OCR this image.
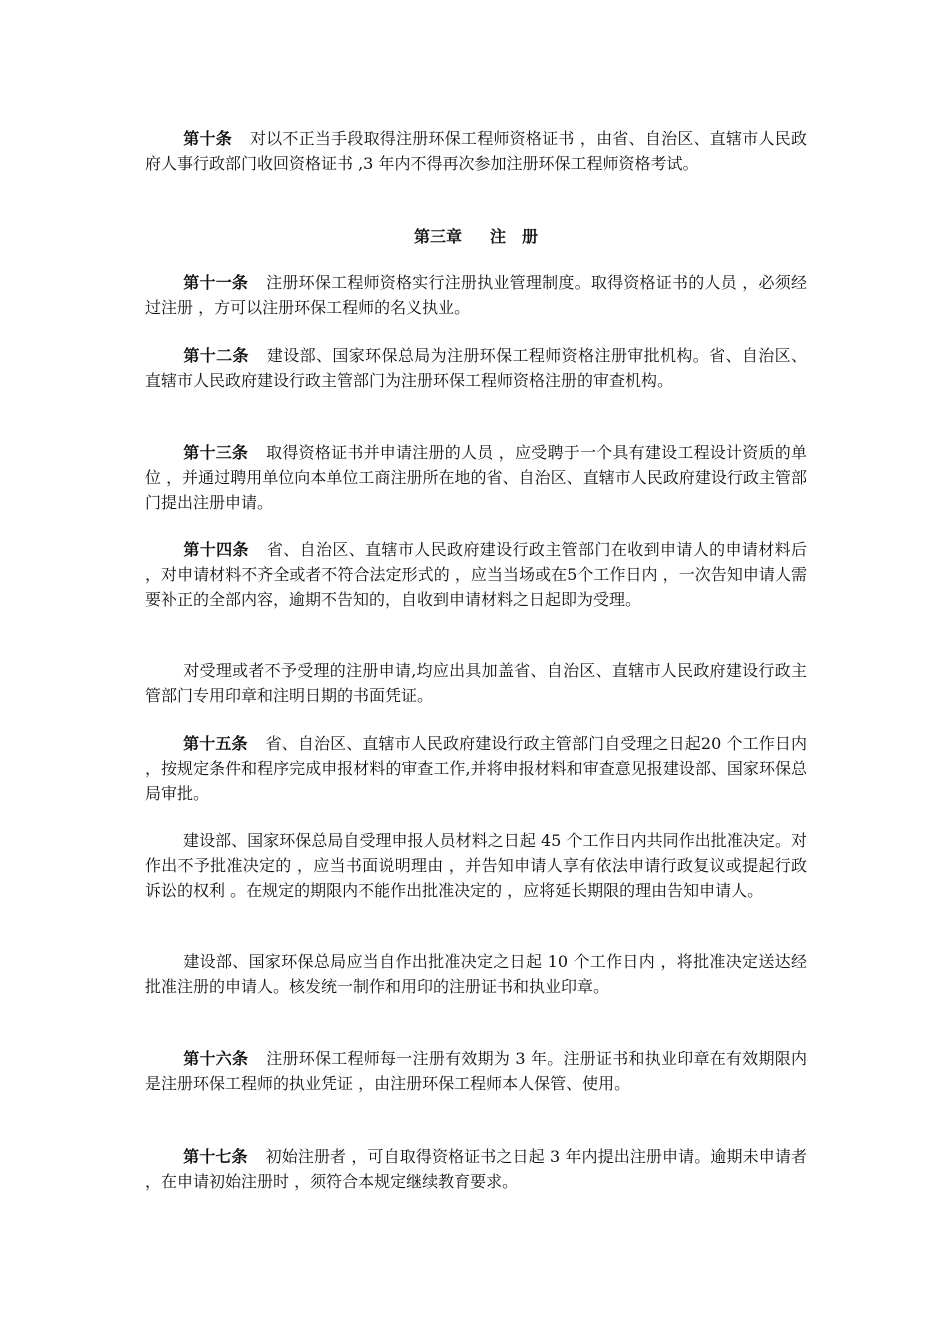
第十条 对以不正当手段取得注册环保工程师资格证书 ，由省、自治区、直辖市人民政府人事行政部门收回资格证书 ,3 年内不得再次参加注册环保工程师资格考试。

第三章 注　册

第十一条 注册环保工程师资格实行注册执业管理制度。取得资格证书的人员 ，必须经过注册 ，方可以注册环保工程师的名义执业。

第十二条 建设部、国家环保总局为注册环保工程师资格注册审批机构。省、自治区、直辖市人民政府建设行政主管部门为注册环保工程师资格注册的审查机构。

第十三条 取得资格证书并申请注册的人员 ，应受聘于一个具有建设工程设计资质的单位 ，并通过聘用单位向本单位工商注册所在地的省、自治区、直辖市人民政府建设行政主管部门提出注册申请。

第十四条 省、自治区、直辖市人民政府建设行政主管部门在收到申请人的申请材料后 ，对申请材料不齐全或者不符合法定形式的 ，应当当场或在5个工作日内 ，一次告知申请人需要补正的全部内容，逾期不告知的，自收到申请材料之日起即为受理。

对受理或者不予受理的注册申请,均应出具加盖省、自治区、直辖市人民政府建设行政主管部门专用印章和注明日期的书面凭证。

第十五条 省、自治区、直辖市人民政府建设行政主管部门自受理之日起20 个工作日内 ，按规定条件和程序完成申报材料的审查工作,并将申报材料和审查意见报建设部、国家环保总局审批。

建设部、国家环保总局自受理申报人员材料之日起 45 个工作日内共同作出批准决定。对作出不予批准决定的 ，应当书面说明理由 ，并告知申请人享有依法申请行政复议或提起行政诉讼的权利 。在规定的期限内不能作出批准决定的 ，应将延长期限的理由告知申请人。

建设部、国家环保总局应当自作出批准决定之日起 10 个工作日内 ，将批准决定送达经批准注册的申请人。核发统一制作和用印的注册证书和执业印章。

第十六条 注册环保工程师每一注册有效期为 3 年。注册证书和执业印章在有效期限内是注册环保工程师的执业凭证 ，由注册环保工程师本人保管、使用。

第十七条 初始注册者 ，可自取得资格证书之日起 3 年内提出注册申请。逾期未申请者 ，在申请初始注册时 ，须符合本规定继续教育要求。
